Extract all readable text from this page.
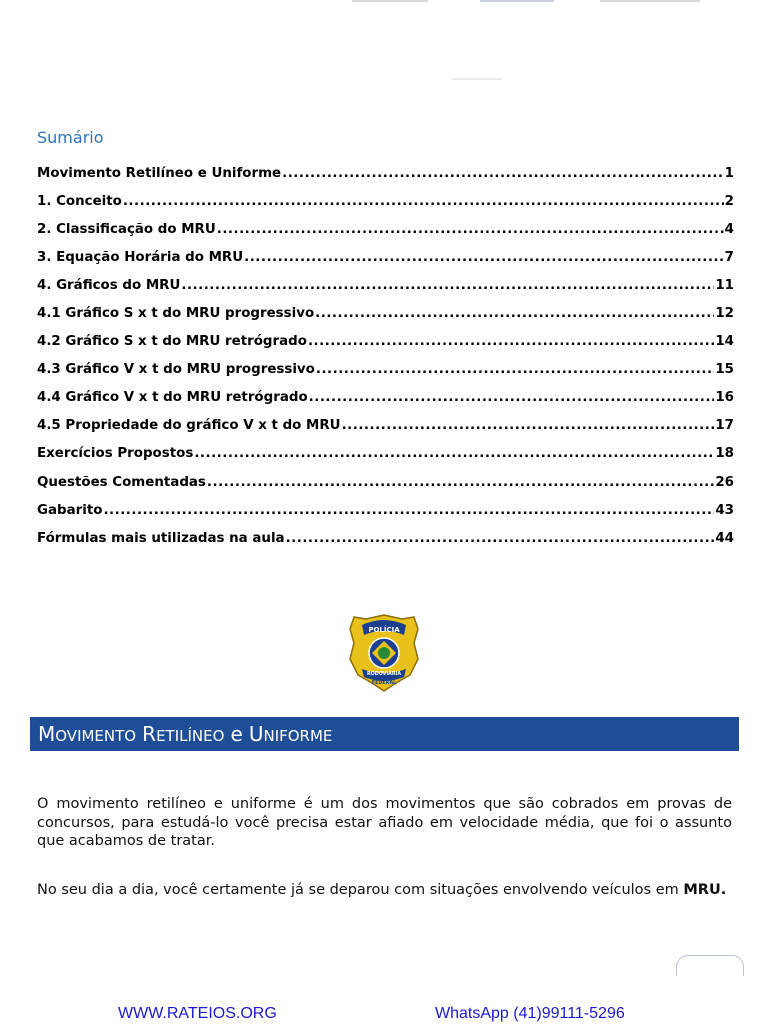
Sumário
Movimento Retilíneo e Uniforme .....	1
1. Conceito .....	2
2. Classificação do MRU .....	4
3. Equação Horária do MRU .....	7
4. Gráficos do MRU .....	11
4.1 Gráfico S x t do MRU progressivo .....	12
4.2 Gráfico S x t do MRU retrógrado .....	14
4.3 Gráfico V x t do MRU progressivo .....	15
4.4 Gráfico V x t do MRU retrógrado .....	16
4.5 Propriedade do gráfico V x t do MRU .....	17
Exercícios Propostos .....	18
Questões Comentadas .....	26
Gabarito .....	43
Fórmulas mais utilizadas na aula .....	44
POLÍCIA
RODOVIÁRIA
FEDERAL
MOVIMENTO RETILÍNEO e UNIFORME

O movimento retilíneo e uniforme é um dos movimentos que são cobrados em provas de concursos, para estudá-lo você precisa estar afiado em velocidade média, que foi o assunto que acabamos de tratar.

No seu dia a dia, você certamente já se deparou com situações envolvendo veículos em MRU.

WWW.RATEIOS.ORG	WhatsApp (41)99111-5296
